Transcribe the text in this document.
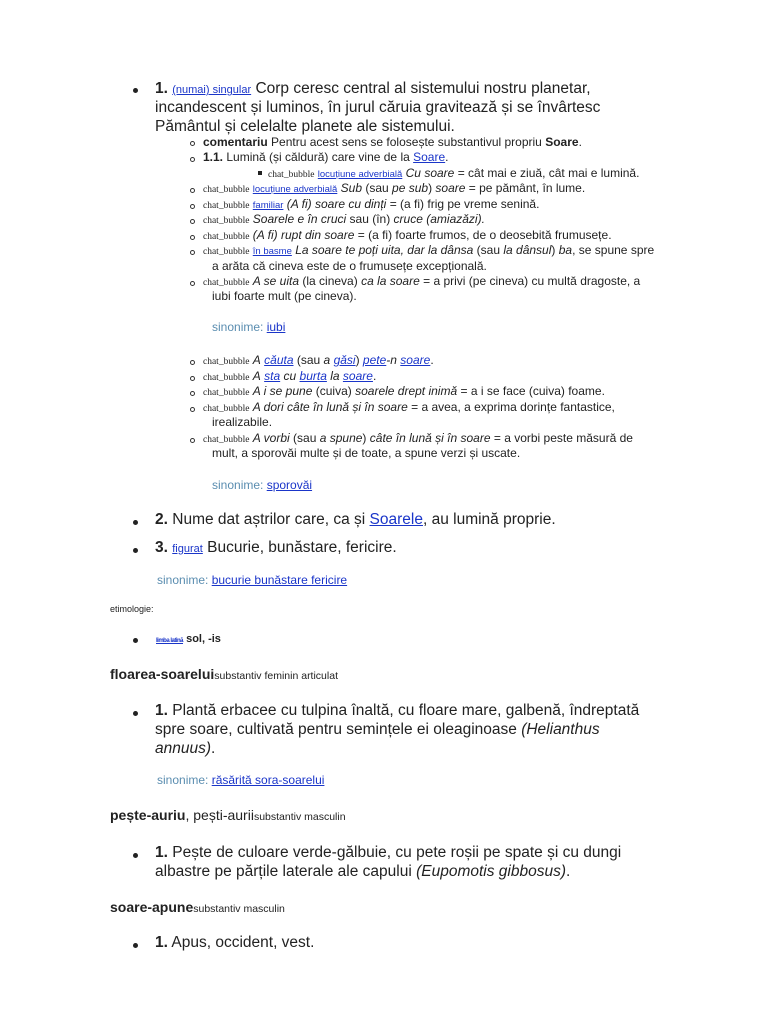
1. (numai) singular Corp ceresc central al sistemului nostru planetar,
incandescent și luminos, în jurul căruia gravitează și se învârtesc
Pământul și celelalte planete ale sistemului.
comentariu Pentru acest sens se folosește substantivul propriu Soare.
1.1. Lumină (și căldură) care vine de la Soare.
chat_bubble locuțiune adverbială Cu soare = cât mai e ziuă, cât mai e lumină.
chat_bubble locuțiune adverbială Sub (sau pe sub) soare = pe pământ, în lume.
chat_bubble familiar (A fi) soare cu dinți = (a fi) frig pe vreme senină.
chat_bubble Soarele e în cruci sau (în) cruce (amiazăzi).
chat_bubble (A fi) rupt din soare = (a fi) foarte frumos, de o deosebită frumusețe.
chat_bubble în basme La soare te poți uita, dar la dânsa (sau la dânsul) ba, se spune spre
a arăta că cineva este de o frumusețe excepțională.
chat_bubble A se uita (la cineva) ca la soare = a privi (pe cineva) cu multă dragoste, a
iubi foarte mult (pe cineva).
sinonime: iubi
chat_bubble A căuta (sau a găsi) pete-n soare.
chat_bubble A sta cu burta la soare.
chat_bubble A i se pune (cuiva) soarele drept inimă = a i se face (cuiva) foame.
chat_bubble A dori câte în lună și în soare = a avea, a exprima dorințe fantastice,
irealizabile.
chat_bubble A vorbi (sau a spune) câte în lună și în soare = a vorbi peste măsură de
mult, a sporovăi multe și de toate, a spune verzi și uscate.
sinonime: sporovăi
2. Nume dat aștrilor care, ca și Soarele, au lumină proprie.
3. figurat Bucurie, bunăstare, fericire.
sinonime: bucurie bunăstare fericire
etimologie:
limba latină sol, -is
floarea-soareluisubstantiv feminin articulat
1. Plantă erbacee cu tulpina înaltă, cu floare mare, galbenă, îndreptată
spre soare, cultivată pentru semințele ei oleaginoase (Helianthus
annuus).
sinonime: răsărită sora-soarelui
pește-auriu, pești-auriisubstantiv masculin
1. Pește de culoare verde-gălbuie, cu pete roșii pe spate și cu dungi
albastre pe părțile laterale ale capului (Eupomotis gibbosus).
soare-apunesubstantiv masculin
1. Apus, occident, vest.
